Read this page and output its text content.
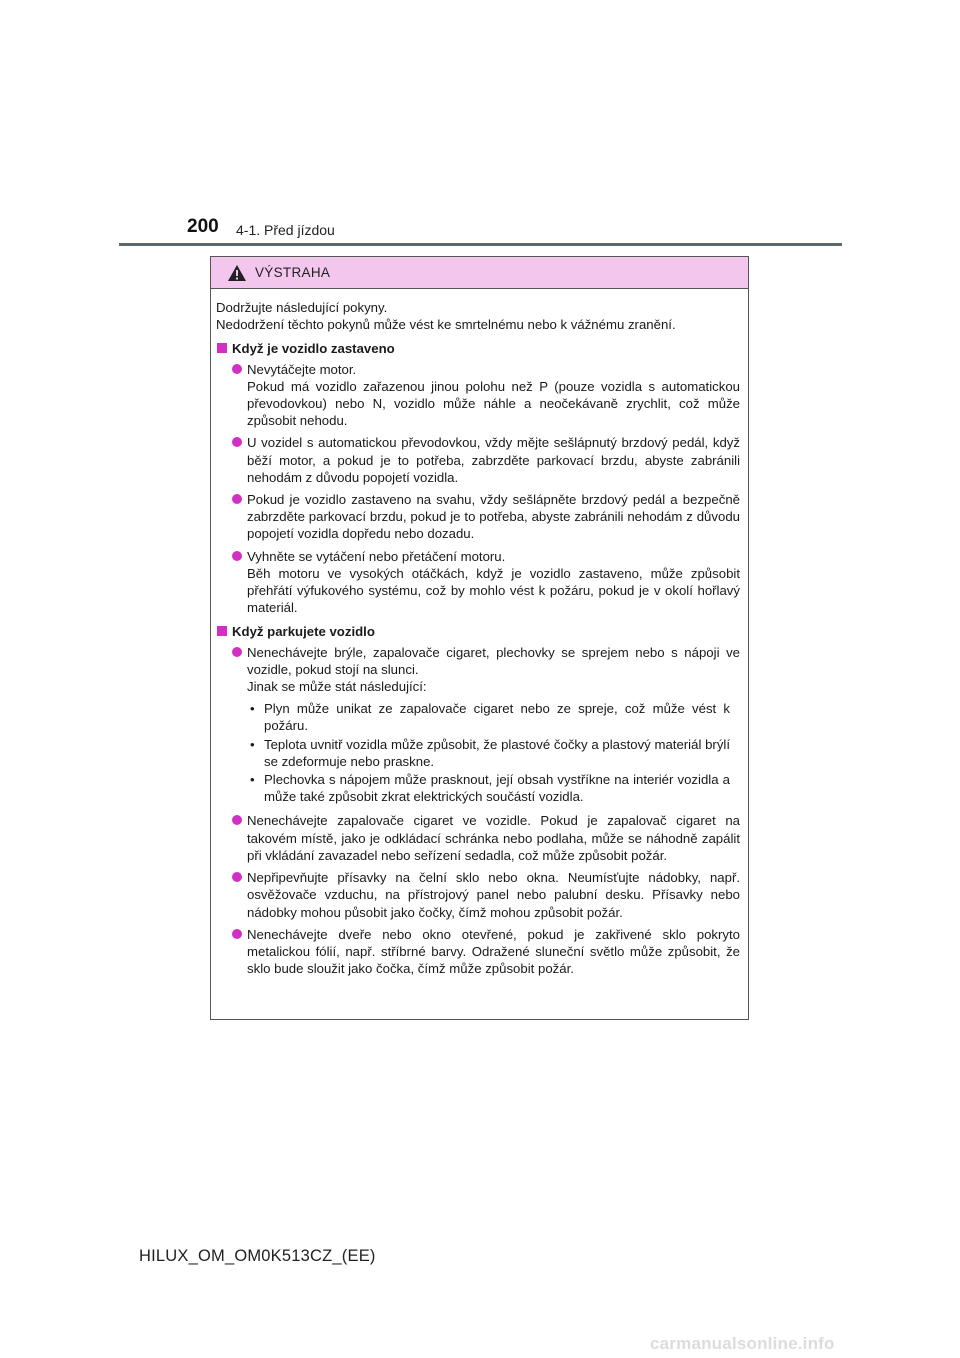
200 4-1. Před jízdou
VÝSTRAHA

Dodržujte následující pokyny.

Nedodržení těchto pokynů může vést ke smrtelnému nebo k vážnému zranění.

Když je vozidlo zastaveno
Nevytáčejte motor.
Pokud má vozidlo zařazenou jinou polohu než P (pouze vozidla s automatickou převodovkou) nebo N, vozidlo může náhle a neočekávaně zrychlit, což může způsobit nehodu.
U vozidel s automatickou převodovkou, vždy mějte sešlápnutý brzdový pedál, když běží motor, a pokud je to potřeba, zabrzděte parkovací brzdu, abyste zabránili nehodám z důvodu popojetí vozidla.
Pokud je vozidlo zastaveno na svahu, vždy sešlápněte brzdový pedál a bezpečně zabrzděte parkovací brzdu, pokud je to potřeba, abyste zabránili nehodám z důvodu popojetí vozidla dopředu nebo dozadu.
Vyhněte se vytáčení nebo přetáčení motoru.
Běh motoru ve vysokých otáčkách, když je vozidlo zastaveno, může způsobit přehřátí výfukového systému, což by mohlo vést k požáru, pokud je v okolí hořlavý materiál.
Když parkujete vozidlo
Nenechávejte brýle, zapalovače cigaret, plechovky se sprejem nebo s nápoji ve vozidle, pokud stojí na slunci.
Jinak se může stát následující:
• Plyn může unikat ze zapalovače cigaret nebo ze spreje, což může vést k požáru.
• Teplota uvnitř vozidla může způsobit, že plastové čočky a plastový materiál brýlí se zdeformuje nebo praskne.
• Plechovka s nápojem může prasknout, její obsah vystříkne na interiér vozidla a může také způsobit zkrat elektrických součástí vozidla.
Nenechávejte zapalovače cigaret ve vozidle. Pokud je zapalovač cigaret na takovém místě, jako je odkládací schránka nebo podlaha, může se náhodně zapálit při vkládání zavazadel nebo seřízení sedadla, což může způsobit požár.
Nepřipevňujte přísavky na čelní sklo nebo okna. Neumísťujte nádobky, např. osvěžovače vzduchu, na přístrojový panel nebo palubní desku. Přísavky nebo nádobky mohou působit jako čočky, čímž mohou způsobit požár.
Nenechávejte dveře nebo okno otevřené, pokud je zakřivené sklo pokryto metalickou fólií, např. stříbrné barvy. Odražené sluneční světlo může způsobit, že sklo bude sloužit jako čočka, čímž může způsobit požár.
HILUX_OM_OM0K513CZ_(EE)
carmanualsonline.info
